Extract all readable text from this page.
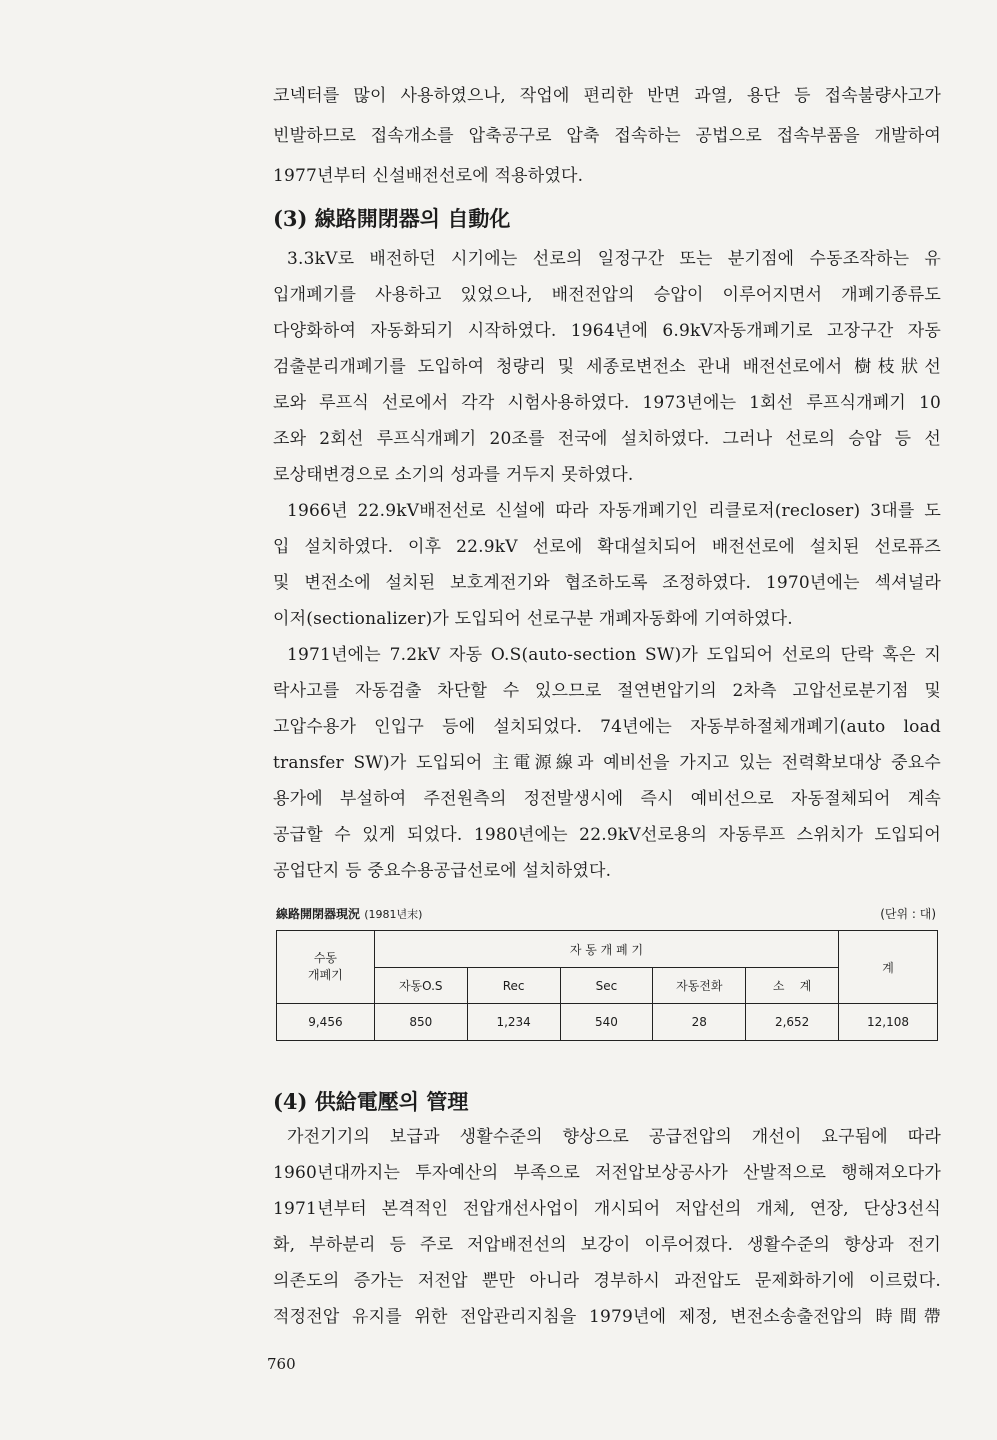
코넥터를 많이 사용하였으나, 작업에 편리한 반면 과열, 용단 등 접속불량사고가
빈발하므로 접속개소를 압축공구로 압축 접속하는 공법으로 접속부품을 개발하여
1977년부터 신설배전선로에 적용하였다.
(3) 線路開閉器의 自動化
3.3kV로 배전하던 시기에는 선로의 일정구간 또는 분기점에 수동조작하는 유
입개폐기를 사용하고 있었으나, 배전전압의 승압이 이루어지면서 개폐기종류도
다양화하여 자동화되기 시작하였다. 1964년에 6.9kV자동개폐기로 고장구간 자동
검출분리개폐기를 도입하여 청량리 및 세종로변전소 관내 배전선로에서 樹枝狀선
로와 루프식 선로에서 각각 시험사용하였다. 1973년에는 1회선 루프식개폐기 10
조와 2회선 루프식개폐기 20조를 전국에 설치하였다. 그러나 선로의 승압 등 선
로상태변경으로 소기의 성과를 거두지 못하였다.
1966년 22.9kV배전선로 신설에 따라 자동개폐기인 리클로저(recloser) 3대를 도
입 설치하였다. 이후 22.9kV 선로에 확대설치되어 배전선로에 설치된 선로퓨즈
및 변전소에 설치된 보호계전기와 협조하도록 조정하였다. 1970년에는 섹셔널라
이저(sectionalizer)가 도입되어 선로구분 개폐자동화에 기여하였다.
1971년에는 7.2kV 자동 O.S(auto-section SW)가 도입되어 선로의 단락 혹은 지
락사고를 자동검출 차단할 수 있으므로 절연변압기의 2차측 고압선로분기점 및
고압수용가 인입구 등에 설치되었다. 74년에는 자동부하절체개폐기(auto load
transfer SW)가 도입되어 主電源線과 예비선을 가지고 있는 전력확보대상 중요수
용가에 부설하여 주전원측의 정전발생시에 즉시 예비선으로 자동절체되어 계속
공급할 수 있게 되었다. 1980년에는 22.9kV선로용의 자동루프 스위치가 도입되어
공업단지 등 중요수용공급선로에 설치하였다.
線路開閉器現況 (1981년末)	(단위 : 대)
수동
개폐기	자 동 개 폐 기					계
	자동O.S	Rec	Sec	자동전화	소    계	
9,456	850	1,234	540	28	2,652	12,108
(4) 供給電壓의 管理
가전기기의 보급과 생활수준의 향상으로 공급전압의 개선이 요구됨에 따라
1960년대까지는 투자예산의 부족으로 저전압보상공사가 산발적으로 행해져오다가
1971년부터 본격적인 전압개선사업이 개시되어 저압선의 개체, 연장, 단상3선식
화, 부하분리 등 주로 저압배전선의 보강이 이루어졌다. 생활수준의 향상과 전기
의존도의 증가는 저전압 뿐만 아니라 경부하시 과전압도 문제화하기에 이르렀다.
적정전압 유지를 위한 전압관리지침을 1979년에 제정, 변전소송출전압의 時間帶
760
